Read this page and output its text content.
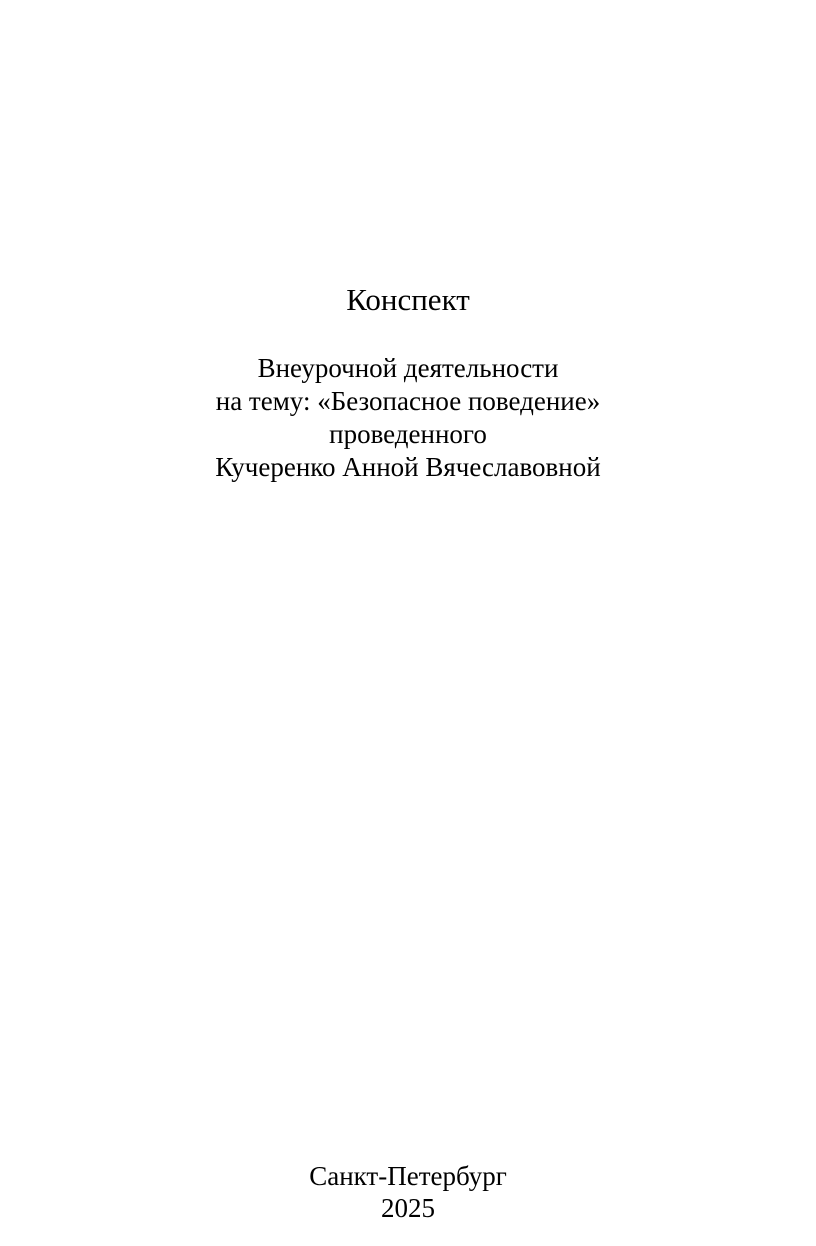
Конспект
Внеурочной деятельности
на тему: «Безопасное поведение»
проведенного
Кучеренко Анной Вячеславовной
Санкт-Петербург
2025
